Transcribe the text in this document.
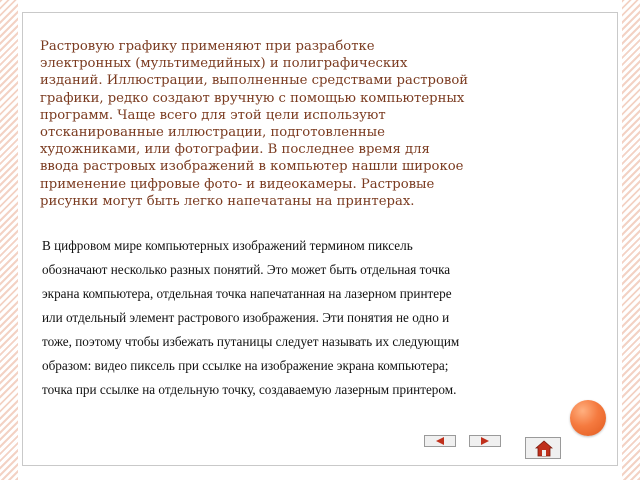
Растровую графику применяют при разработке
электронных (мультимедийных) и полиграфических
изданий. Иллюстрации, выполненные средствами растровой
графики, редко создают вручную с помощью компьютерных
программ. Чаще всего для этой цели используют
отсканированные иллюстрации, подготовленные
художниками, или фотографии. В последнее время для
ввода растровых изображений в компьютер нашли широкое
применение цифровые фото- и видеокамеры. Растровые
рисунки могут быть легко напечатаны на принтерах.

В цифровом мире компьютерных изображений термином пиксель
обозначают несколько разных понятий. Это может быть отдельная точка
экрана компьютера, отдельная точка напечатанная на лазерном принтере
или отдельный элемент растрового изображения. Эти понятия не одно и
тоже, поэтому чтобы избежать путаницы следует называть их следующим
образом: видео пиксель при ссылке на изображение экрана компьютера;
точка при ссылке на отдельную точку, создаваемую лазерным принтером.
